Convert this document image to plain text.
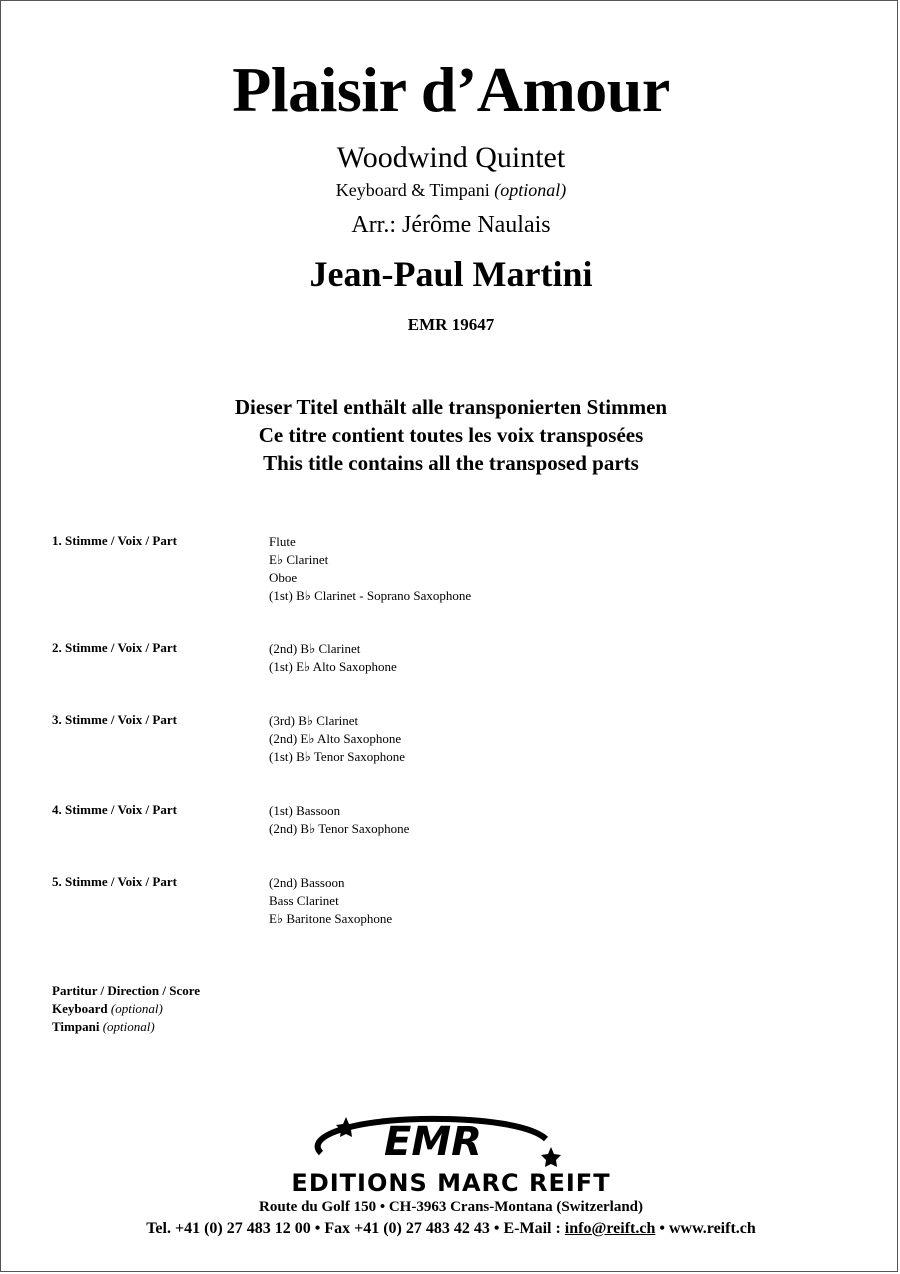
Plaisir d’Amour
Woodwind Quintet
Keyboard & Timpani (optional)
Arr.: Jérôme Naulais
Jean-Paul Martini
EMR 19647
Dieser Titel enthält alle transponierten Stimmen
Ce titre contient toutes les voix transposées
This title contains all the transposed parts
1. Stimme / Voix / Part	Flute
E♭ Clarinet
Oboe
(1st) B♭ Clarinet - Soprano Saxophone
2. Stimme / Voix / Part	(2nd) B♭ Clarinet
(1st) E♭ Alto Saxophone
3. Stimme / Voix / Part	(3rd) B♭ Clarinet
(2nd) E♭ Alto Saxophone
(1st) B♭ Tenor Saxophone
4. Stimme / Voix / Part	(1st) Bassoon
(2nd) B♭ Tenor Saxophone
5. Stimme / Voix / Part	(2nd) Bassoon
Bass Clarinet
E♭ Baritone Saxophone
Partitur / Direction / Score
Keyboard (optional)
Timpani (optional)
EMR
EDITIONS MARC REIFT
Route du Golf 150 • CH-3963 Crans-Montana (Switzerland)
Tel. +41 (0) 27 483 12 00 • Fax +41 (0) 27 483 42 43 • E-Mail : info@reift.ch • www.reift.ch
